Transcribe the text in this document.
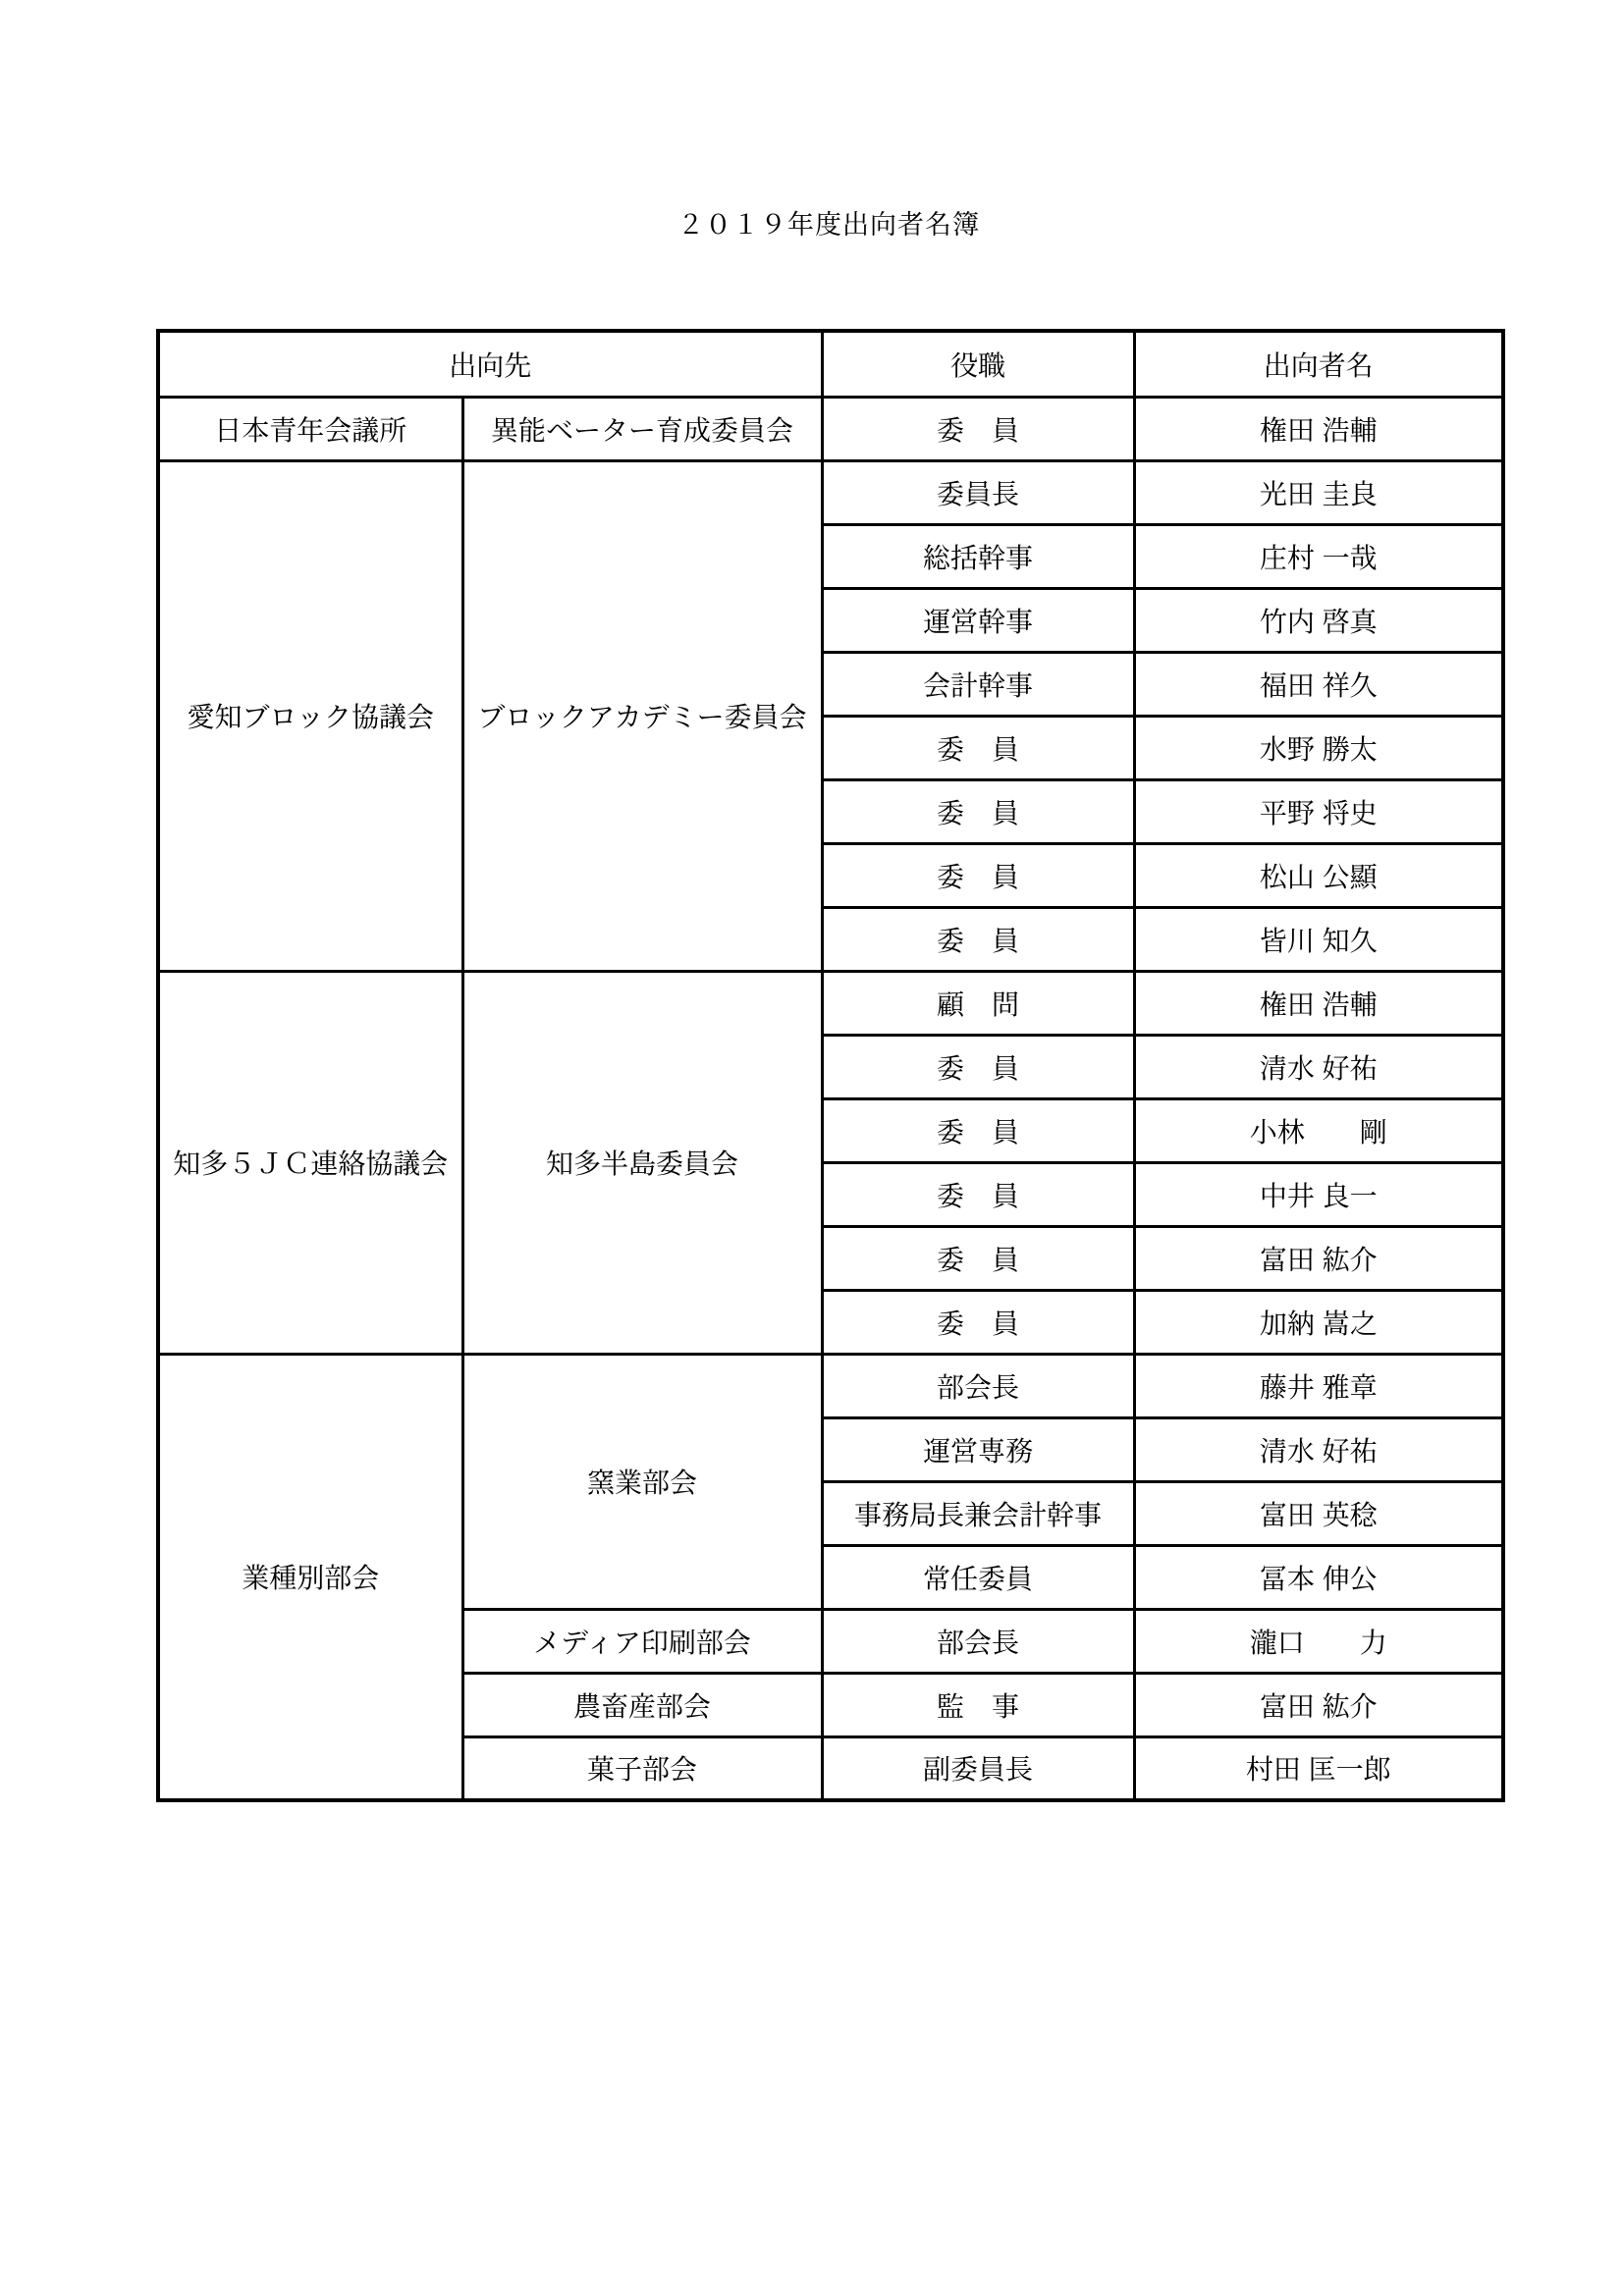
２０１９年度出向者名簿
出向先		役職	出向者名
日本青年会議所	異能ベーター育成委員会	委　員	権田 浩輔
愛知ブロック協議会	ブロックアカデミー委員会	委員長	光田 圭良
		総括幹事	庄村 一哉
		運営幹事	竹内 啓真
		会計幹事	福田 祥久
		委　員	水野 勝太
		委　員	平野 将史
		委　員	松山 公顯
		委　員	皆川 知久
知多５ＪＣ連絡協議会	知多半島委員会	顧　問	権田 浩輔
		委　員	清水 好祐
		委　員	小林　　剛
		委　員	中井 良一
		委　員	富田 紘介
		委　員	加納 嵩之
業種別部会	窯業部会	部会長	藤井 雅章
		運営専務	清水 好祐
		事務局長兼会計幹事	富田 英稔
		常任委員	冨本 伸公
	メディア印刷部会	部会長	瀧口　　力
	農畜産部会	監　事	富田 紘介
	菓子部会	副委員長	村田 匡一郎
